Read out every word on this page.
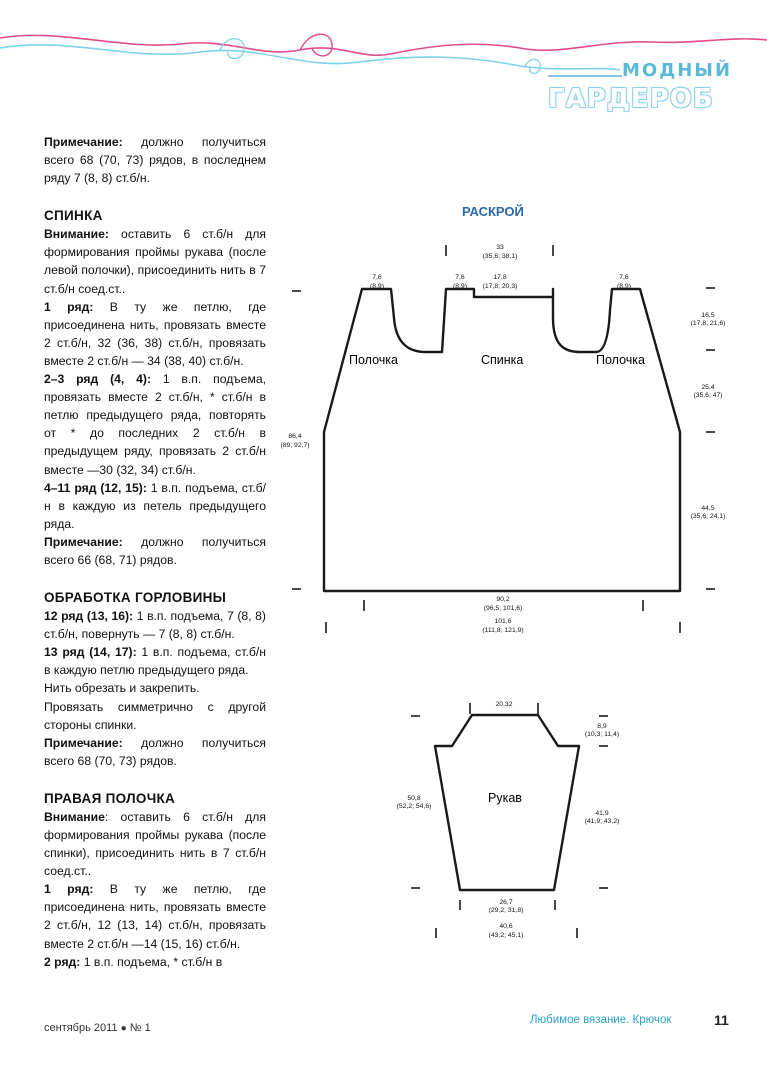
МОДНЫЙ
ГАРДЕРОБ

Примечание: должно получиться всего 68 (70, 73) рядов, в последнем ряду 7 (8, 8) ст.б/н.

СПИНКА

Внимание: оставить 6 ст.б/н для формирования проймы рукава (после левой полочки), присоединить нить в 7 ст.б/н соед.ст..

1 ряд: В ту же петлю, где присоединена нить, провязать вместе 2 ст.б/н, 32 (36, 38) ст.б/н, провязать вместе 2 ст.б/н — 34 (38, 40) ст.б/н.

2–3 ряд (4, 4): 1 в.п. подъема, провязать вместе 2 ст.б/н, * ст.б/н в петлю предыдущего ряда, повторять от * до последних 2 ст.б/н в предыдущем ряду, провязать 2 ст.б/н вместе —30 (32, 34) ст.б/н.

4–11 ряд (12, 15): 1 в.п. подъема, ст.б/н в каждую из петель предыдущего ряда.

Примечание: должно получиться всего 66 (68, 71) рядов.

ОБРАБОТКА ГОРЛОВИНЫ

12 ряд (13, 16): 1 в.п. подъема, 7 (8, 8) ст.б/н, повернуть — 7 (8, 8) ст.б/н.

13 ряд (14, 17): 1 в.п. подъема, ст.б/н в каждую петлю предыдущего ряда.

Нить обрезать и закрепить.

Провязать симметрично с другой стороны спинки.

Примечание: должно получиться всего 68 (70, 73) рядов.

ПРАВАЯ ПОЛОЧКА

Внимание: оставить 6 ст.б/н для формирования проймы рукава (после спинки), присоединить нить в 7 ст.б/н соед.ст..

1 ряд: В ту же петлю, где присоединена нить, провязать вместе 2 ст.б/н, 12 (13, 14) ст.б/н, провязать вместе 2 ст.б/н —14 (15, 16) ст.б/н.

2 ряд: 1 в.п. подъема, * ст.б/н в

РАСКРОЙ
Полочка	Спинка	Полочка
33
(35,6; 38,1)
7,6
(8,9)
7,6
(8,9)
17,8
(17,8; 20,3)
7,6
(8,9)
16,5
(17,8; 21,6)
25,4
(35,6; 47)
44,5
(35,6; 24,1)
86,4
(89; 92,7)
90,2
(96,5; 101,6)
101,6
(111,8; 121,9)
Рукав
20,32
8,9
(10,3; 11,4)
50,8
(52,2; 54,6)
41,9
(41,9; 43,2)
26,7
(29,2; 31,8)
40,6
(43,2; 45,1)
сентябрь 2011 ● № 1
Любимое вязание. Крючок	11
